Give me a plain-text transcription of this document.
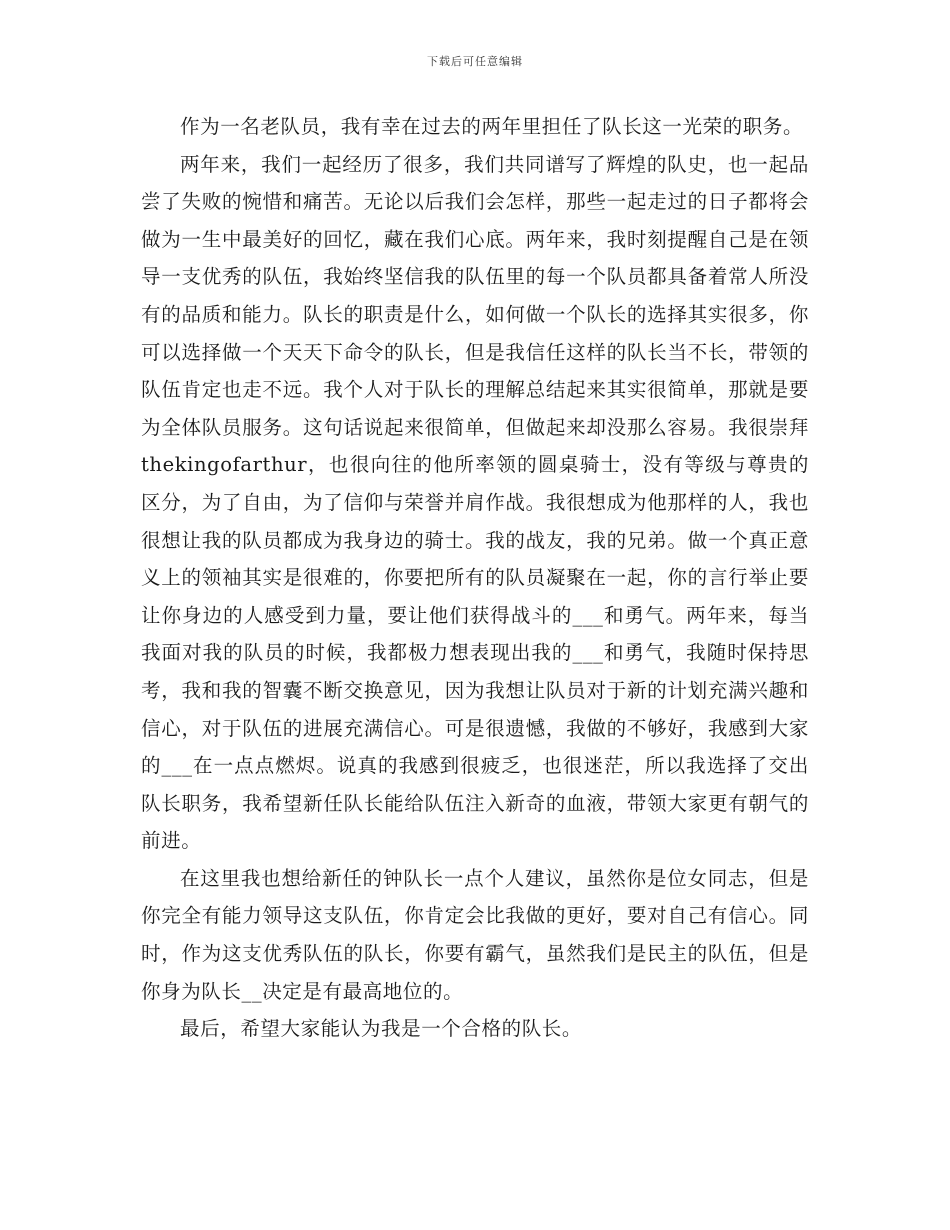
下载后可任意编辑

作为一名老队员，我有幸在过去的两年里担任了队长这一光荣的职务。

两年来，我们一起经历了很多，我们共同谱写了辉煌的队史，也一起品尝了失败的惋惜和痛苦。无论以后我们会怎样，那些一起走过的日子都将会做为一生中最美好的回忆，藏在我们心底。两年来，我时刻提醒自己是在领导一支优秀的队伍，我始终坚信我的队伍里的每一个队员都具备着常人所没有的品质和能力。队长的职责是什么，如何做一个队长的选择其实很多，你可以选择做一个天天下命令的队长，但是我信任这样的队长当不长，带领的队伍肯定也走不远。我个人对于队长的理解总结起来其实很简单，那就是要为全体队员服务。这句话说起来很简单，但做起来却没那么容易。我很崇拜 thekingofarthur，也很向往的他所率领的圆桌骑士，没有等级与尊贵的区分，为了自由，为了信仰与荣誉并肩作战。我很想成为他那样的人，我也很想让我的队员都成为我身边的骑士。我的战友，我的兄弟。做一个真正意义上的领袖其实是很难的，你要把所有的队员凝聚在一起，你的言行举止要让你身边的人感受到力量，要让他们获得战斗的___和勇气。两年来，每当我面对我的队员的时候，我都极力想表现出我的___和勇气，我随时保持思考，我和我的智囊不断交换意见，因为我想让队员对于新的计划充满兴趣和信心，对于队伍的进展充满信心。可是很遗憾，我做的不够好，我感到大家的___在一点点燃烬。说真的我感到很疲乏，也很迷茫，所以我选择了交出队长职务，我希望新任队长能给队伍注入新奇的血液，带领大家更有朝气的前进。

在这里我也想给新任的钟队长一点个人建议，虽然你是位女同志，但是你完全有能力领导这支队伍，你肯定会比我做的更好，要对自己有信心。同时，作为这支优秀队伍的队长，你要有霸气，虽然我们是民主的队伍，但是你身为队长__决定是有最高地位的。

最后，希望大家能认为我是一个合格的队长。
